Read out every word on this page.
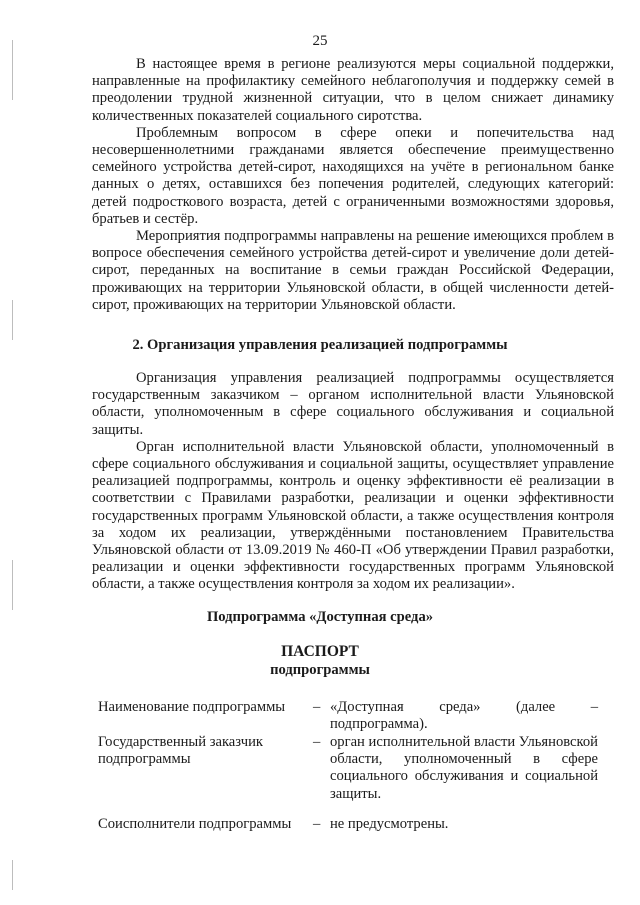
25

В настоящее время в регионе реализуются меры социальной поддержки, направленные на профилактику семейного неблагополучия и поддержку семей в преодолении трудной жизненной ситуации, что в целом снижает динамику количественных показателей социального сиротства.

Проблемным вопросом в сфере опеки и попечительства над несовершеннолетними гражданами является обеспечение преимущественно семейного устройства детей-сирот, находящихся на учёте в региональном банке данных о детях, оставшихся без попечения родителей, следующих категорий: детей подросткового возраста, детей с ограниченными возможностями здоровья, братьев и сестёр.

Мероприятия подпрограммы направлены на решение имеющихся проблем в вопросе обеспечения семейного устройства детей-сирот и увеличение доли детей-сирот, переданных на воспитание в семьи граждан Российской Федерации, проживающих на территории Ульяновской области, в общей численности детей-сирот, проживающих на территории Ульяновской области.

2. Организация управления реализацией подпрограммы

Организация управления реализацией подпрограммы осуществляется государственным заказчиком – органом исполнительной власти Ульяновской области, уполномоченным в сфере социального обслуживания и социальной защиты.

Орган исполнительной власти Ульяновской области, уполномоченный в сфере социального обслуживания и социальной защиты, осуществляет управление реализацией подпрограммы, контроль и оценку эффективности её реализации в соответствии с Правилами разработки, реализации и оценки эффективности государственных программ Ульяновской области, а также осуществления контроля за ходом их реализации, утверждёнными постановлением Правительства Ульяновской области от 13.09.2019 № 460-П «Об утверждении Правил разработки, реализации и оценки эффективности государственных программ Ульяновской области, а также осуществления контроля за ходом их реализации».

Подпрограмма «Доступная среда»
ПАСПОРТ
подпрограммы
Наименование подпрограммы	– «Доступная среда» (далее – подпрограмма).
Государственный заказчик подпрограммы
– орган исполнительной власти Ульяновской области, уполномоченный в сфере социального обслуживания и социальной защиты.
Соисполнители подпрограммы	– не предусмотрены.
